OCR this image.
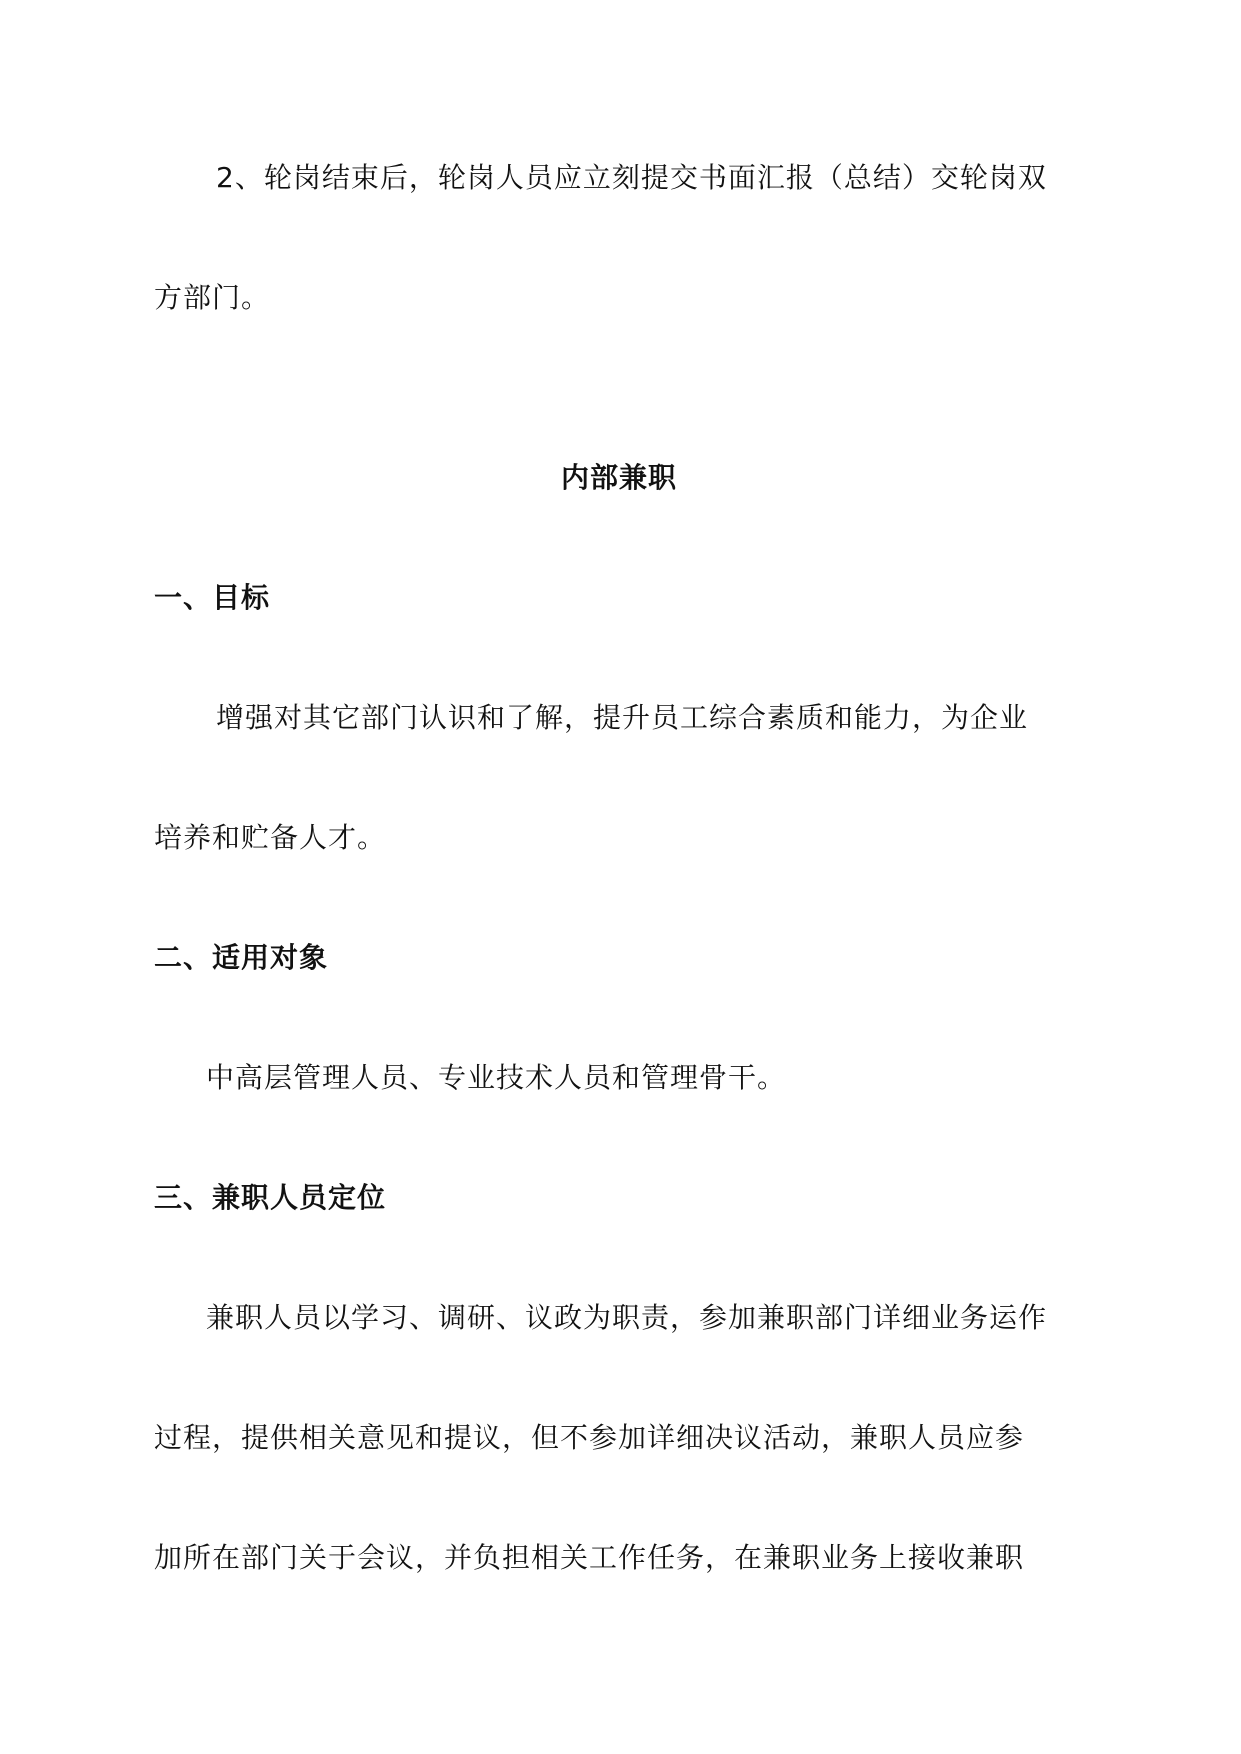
2、轮岗结束后，轮岗人员应立刻提交书面汇报（总结）交轮岗双
方部门。
内部兼职
一、目标
增强对其它部门认识和了解，提升员工综合素质和能力，为企业
培养和贮备人才。
二、适用对象
中高层管理人员、专业技术人员和管理骨干。
三、兼职人员定位
兼职人员以学习、调研、议政为职责，参加兼职部门详细业务运作
过程，提供相关意见和提议，但不参加详细决议活动，兼职人员应参
加所在部门关于会议，并负担相关工作任务，在兼职业务上接收兼职
